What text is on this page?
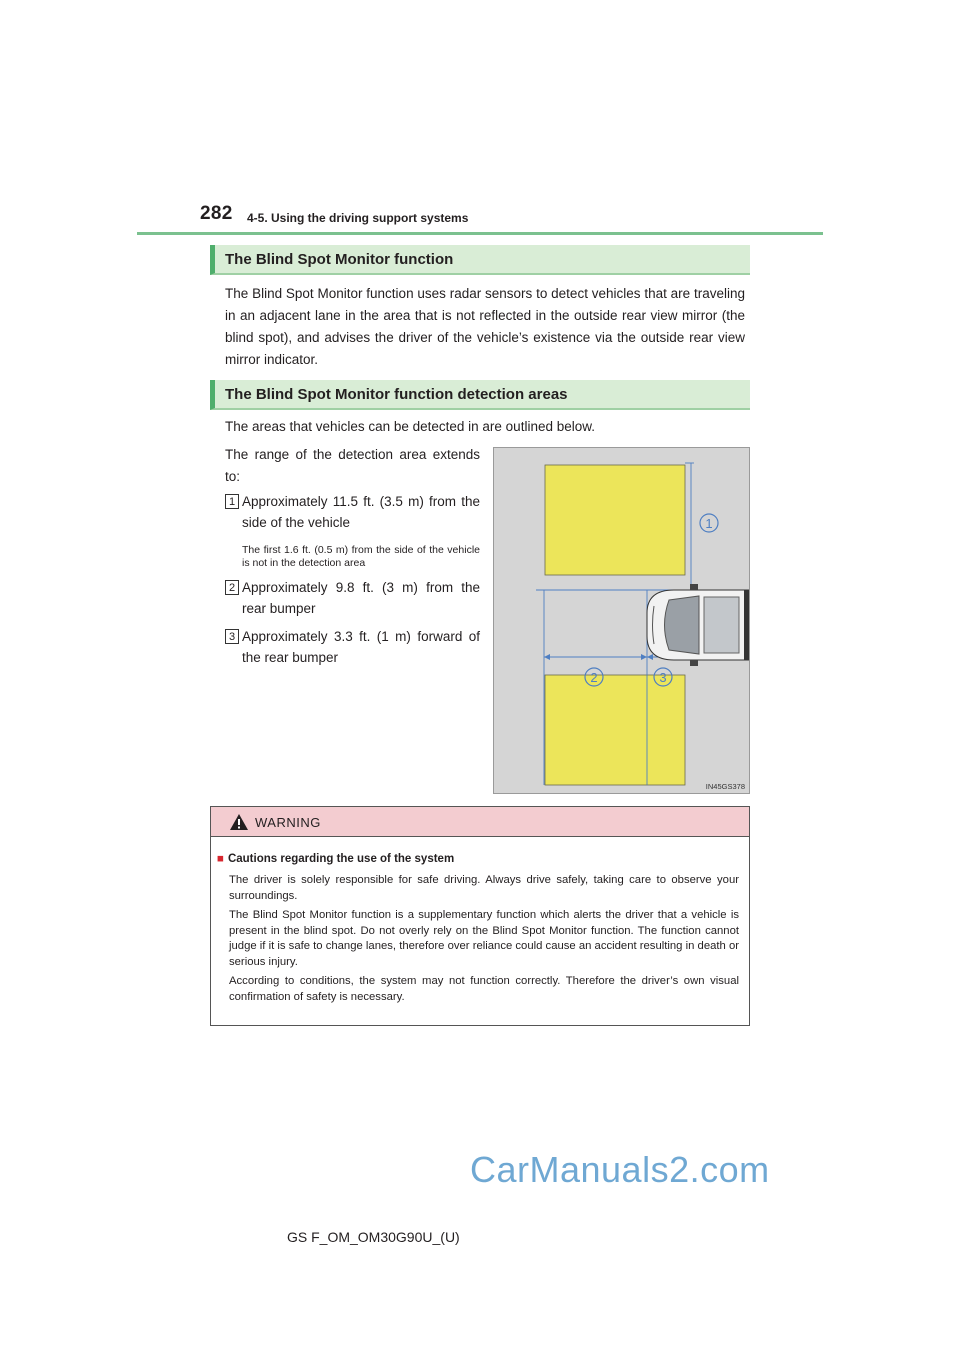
282 4-5. Using the driving support systems
The Blind Spot Monitor function
The Blind Spot Monitor function uses radar sensors to detect vehicles that are traveling in an adjacent lane in the area that is not reflected in the outside rear view mirror (the blind spot), and advises the driver of the vehicle’s existence via the outside rear view mirror indicator.
The Blind Spot Monitor function detection areas
The areas that vehicles can be detected in are outlined below.
The range of the detection area extends to:
1 Approximately 11.5 ft. (3.5 m) from the side of the vehicle
The first 1.6 ft. (0.5 m) from the side of the vehicle is not in the detection area
2 Approximately 9.8 ft. (3 m) from the rear bumper
3 Approximately 3.3 ft. (1 m) forward of the rear bumper
1
2	3
IN45GS378
WARNING
■ Cautions regarding the use of the system
The driver is solely responsible for safe driving. Always drive safely, taking care to observe your surroundings.
The Blind Spot Monitor function is a supplementary function which alerts the driver that a vehicle is present in the blind spot. Do not overly rely on the Blind Spot Monitor function. The function cannot judge if it is safe to change lanes, therefore over reliance could cause an accident resulting in death or serious injury.
According to conditions, the system may not function correctly. Therefore the driver’s own visual confirmation of safety is necessary.
CarManuals2.com
GS F_OM_OM30G90U_(U)
